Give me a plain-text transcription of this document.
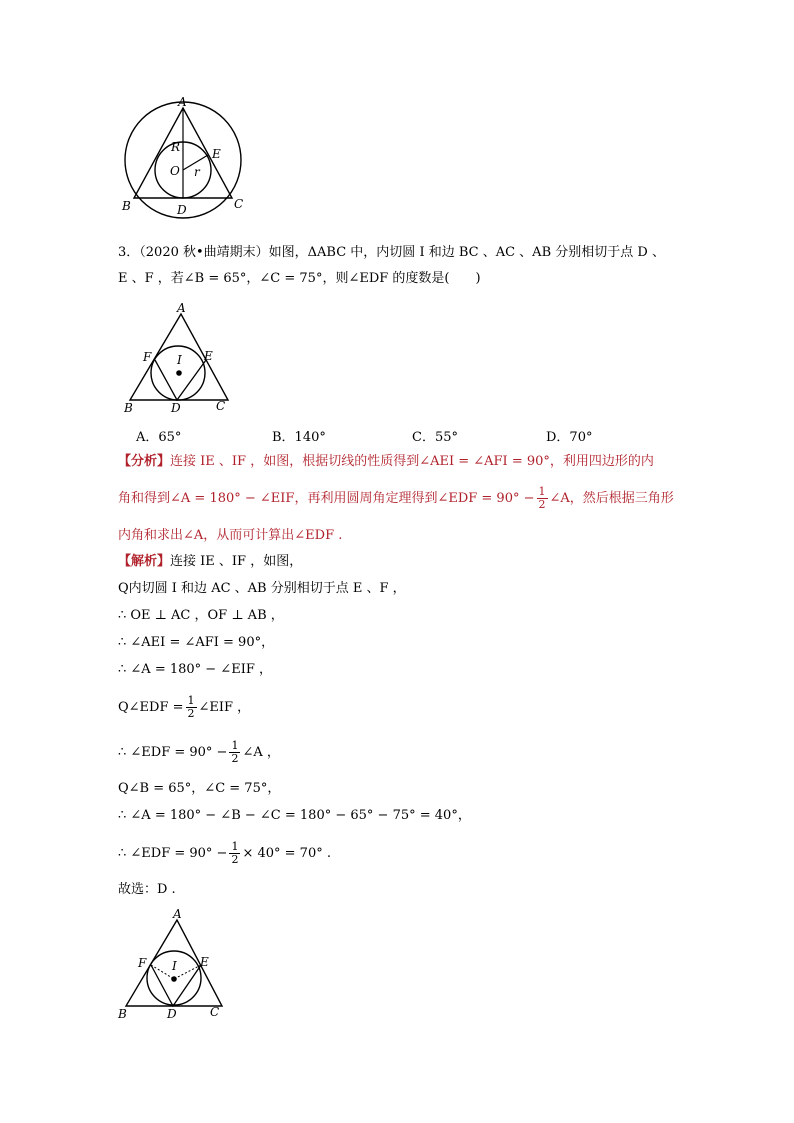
A
R	E
O r
B	D	C
3．（2020 秋•曲靖期末）如图，ΔABC 中，内切圆 I 和边 BC 、AC 、AB 分别相切于点 D 、
E 、F ，若∠B = 65°，∠C = 75°，则∠EDF 的度数是(　　)
A
F I E
B	D	C
A．65°	B．140°	C．55°	D．70°
【分析】连接 IE 、IF ，如图，根据切线的性质得到∠AEI = ∠AFI = 90°，利用四边形的内
角和得到∠A = 180° − ∠EIF，再利用圆周角定理得到∠EDF = $90^\circ - \frac{1}{2}$ ∠A，然后根据三角形
内角和求出∠A，从而可计算出∠EDF .
【解析】连接 IE 、IF ，如图，
Q内切圆 I 和边 AC 、AB 分别相切于点 E 、F ，
∴ OE ⊥ AC ，OF ⊥ AB ，
∴ ∠AEI = ∠AFI = 90°，
∴ ∠A = 180° − ∠EIF ，
Q∠EDF = $\frac{1}{2}$ ∠EIF ，
∴ ∠EDF = $90^\circ - \frac{1}{2}$ ∠A ，
Q∠B = 65°，∠C = 75°，
∴ ∠A = 180° − ∠B − ∠C = 180° − 65° − 75° = 40°，
∴ ∠EDF = $90^\circ - \frac{1}{2} \times 40^\circ = 70^\circ$ .
故选：D .
A
F I E
B	D	C
